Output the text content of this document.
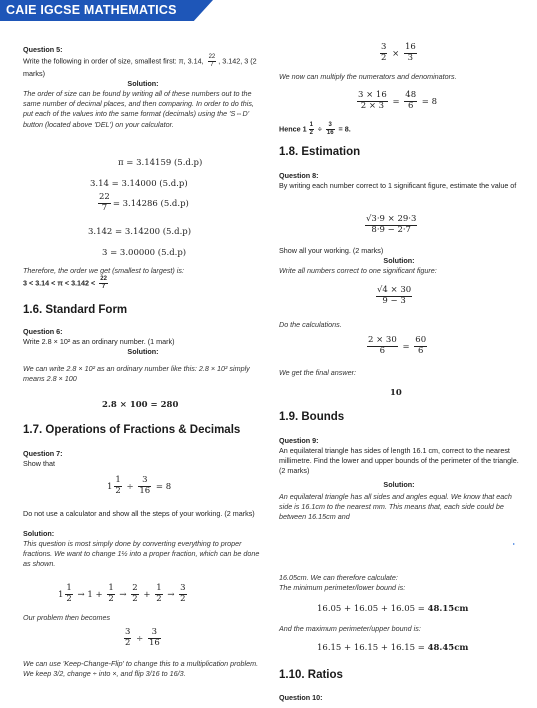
CAIE IGCSE MATHEMATICS
Question 5:
Write the following in order of size, smallest first: π, 3.14, $\frac{22}{7}$ , 3.142, 3 (2 marks)
Solution:
The order of size can be found by writing all of these numbers out to the same number of decimal places, and then comparing. In order to do this, put each of the values into the same format (decimals) using the 'S⇔D' button (located above 'DEL') on your calculator.
π = 3.14159 (5.d.p)
3.14 = 3.14000 (5.d.p)
$\frac{22}{7} = 3.14286$ (5.d.p)
3.142 = 3.14200 (5.d.p)
3 = 3.00000 (5.d.p)
Therefore, the order we get (smallest to largest) is:
$3 < 3.14 < \pi < 3.142 < \frac{22}{7}$
1.6. Standard Form
Question 6:
Write 2.8 × 10² as an ordinary number. (1 mark)
Solution:
We can write 2.8 × 10² as an ordinary number like this: 2.8 × 10² simply means 2.8 × 100
2.8 × 100 = 280
1.7. Operations of Fractions & Decimals
Question 7:
Show that
$1 \frac{1}{2} \div \frac{3}{16} = 8$
Do not use a calculator and show all the steps of your working. (2 marks)
Solution:
This question is most simply done by converting everything to proper fractions. We want to change 1½ into a proper fraction, which can be done as shown.
$1 \frac{1}{2} \to 1 + \frac{1}{2} \to \frac{2}{2} + \frac{1}{2} \to \frac{3}{2}$
Our problem then becomes
$\frac{3}{2} \div \frac{3}{16}$
We can use 'Keep-Change-Flip' to change this to a multiplication problem. We keep 3/2, change ÷ into ×, and flip 3/16 to 16/3.
$\frac{3}{2} \times \frac{16}{3}$
We now can multiply the numerators and denominators.
$\frac{3 \times 16}{2 \times 3} = \frac{48}{6} = 8$
Hence $1 \frac{1}{2} \div \frac{3}{16} = 8$.
1.8. Estimation
Question 8:
By writing each number correct to 1 significant figure, estimate the value of
$\frac{√3\cdot 9 \times 29\cdot 3}{8\cdot 9 - 2\cdot 7}$
Show all your working. (2 marks)
Solution:
Write all numbers correct to one significant figure:
$\frac{√4 \times 30}{9 - 3}$
Do the calculations.
$\frac{2 \times 30}{6} = \frac{60}{6}$
We get the final answer:
10
1.9. Bounds
Question 9:
An equilateral triangle has sides of length 16.1 cm, correct to the nearest millimetre. Find the lower and upper bounds of the perimeter of the triangle. (2 marks)
Solution:
An equilateral triangle has all sides and angles equal. We know that each side is 16.1cm to the nearest mm. This means that, each side could be between 16.15cm and
16.05cm. We can therefore calculate:
The minimum perimeter/lower bound is:
16.05 + 16.05 + 16.05 = 48.15cm
And the maximum perimeter/upper bound is:
16.15 + 16.15 + 16.15 = 48.45cm
1.10. Ratios
Question 10:
▸
